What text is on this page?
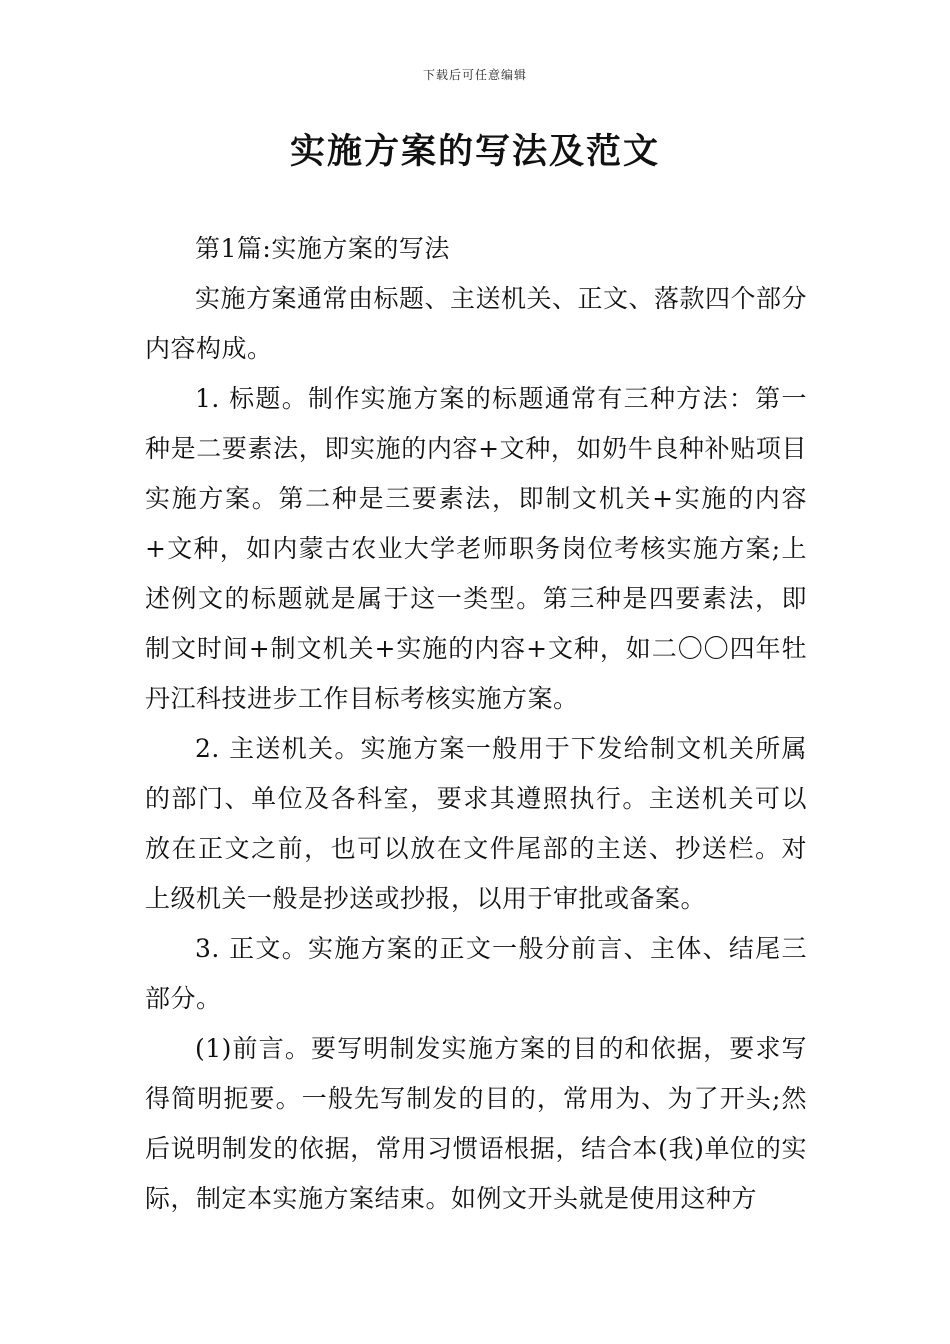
下载后可任意编辑
实施方案的写法及范文

第1篇:实施方案的写法

实施方案通常由标题、主送机关、正文、落款四个部分内容构成。

1. 标题。制作实施方案的标题通常有三种方法：第一种是二要素法，即实施的内容+文种，如奶牛良种补贴项目实施方案。第二种是三要素法，即制文机关+实施的内容+文种，如内蒙古农业大学老师职务岗位考核实施方案;上述例文的标题就是属于这一类型。第三种是四要素法，即制文时间+制文机关+实施的内容+文种，如二〇〇四年牡丹江科技进步工作目标考核实施方案。

2. 主送机关。实施方案一般用于下发给制文机关所属的部门、单位及各科室，要求其遵照执行。主送机关可以放在正文之前，也可以放在文件尾部的主送、抄送栏。对上级机关一般是抄送或抄报，以用于审批或备案。

3. 正文。实施方案的正文一般分前言、主体、结尾三部分。

(1)前言。要写明制发实施方案的目的和依据，要求写得简明扼要。一般先写制发的目的，常用为、为了开头;然后说明制发的依据，常用习惯语根据，结合本(我)单位的实际，制定本实施方案结束。如例文开头就是使用这种方
